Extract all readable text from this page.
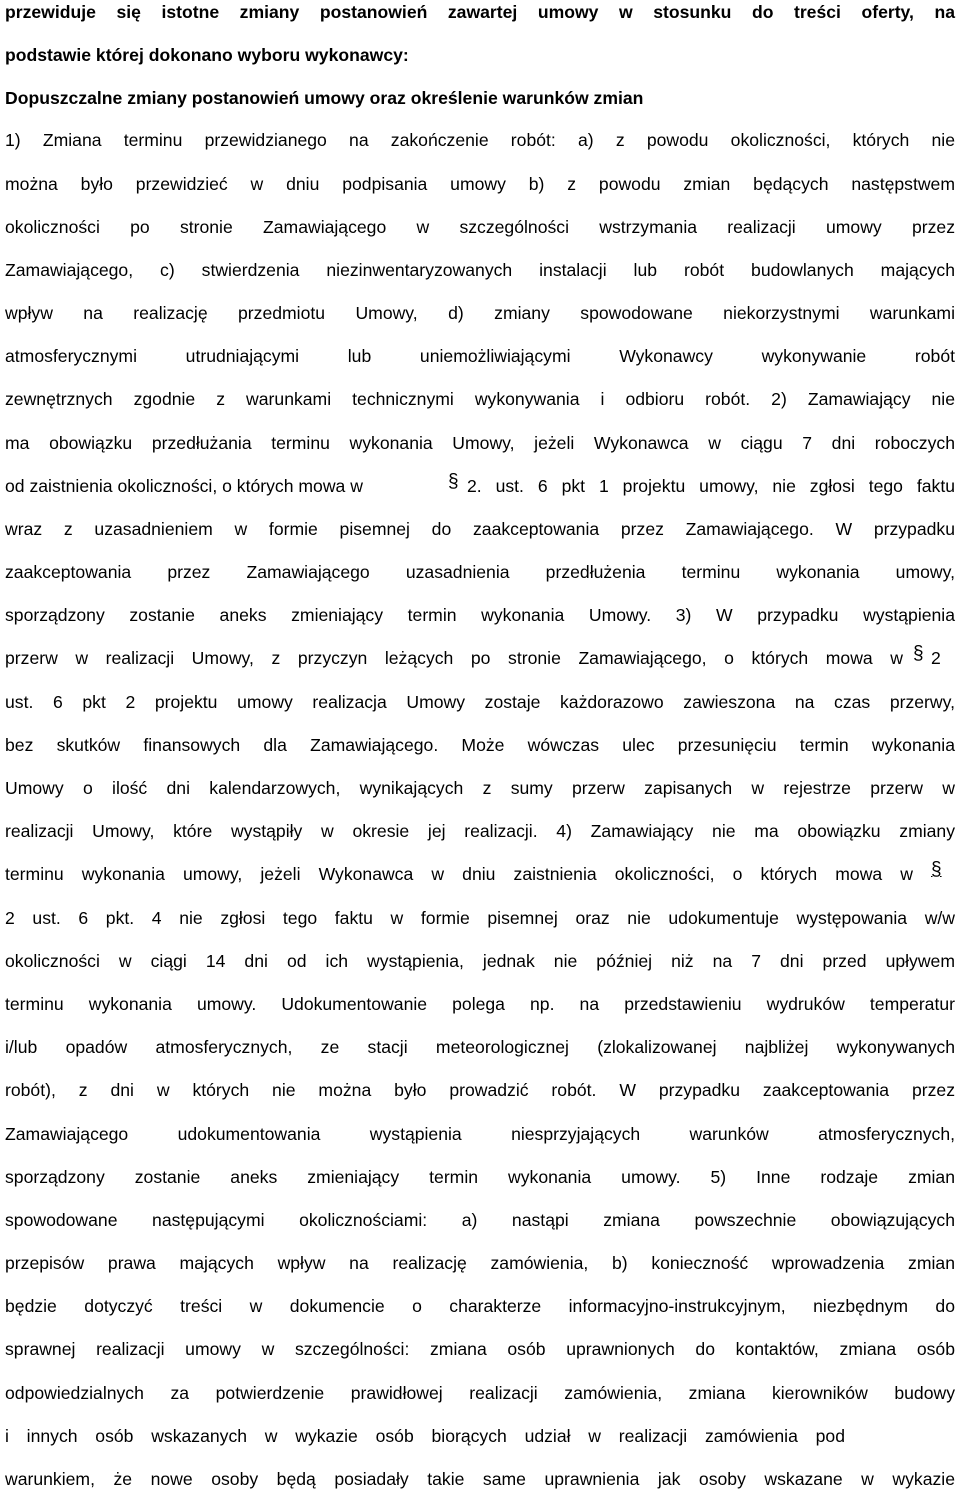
przewiduje się istotne zmiany postanowień zawartej umowy w stosunku do treści oferty, na
podstawie której dokonano wyboru wykonawcy:
Dopuszczalne zmiany postanowień umowy oraz określenie warunków zmian
1) Zmiana terminu przewidzianego na zakończenie robót: a) z powodu okoliczności, których nie
można było przewidzieć w dniu podpisania umowy b) z powodu zmian będących następstwem
okoliczności po stronie Zamawiającego w szczególności wstrzymania realizacji umowy przez
Zamawiającego, c) stwierdzenia niezinwentaryzowanych instalacji lub robót budowlanych mających
wpływ na realizację przedmiotu Umowy, d) zmiany spowodowane niekorzystnymi warunkami
atmosferycznymi utrudniającymi lub uniemożliwiającymi Wykonawcy wykonywanie robót
zewnętrznych zgodnie z warunkami technicznymi wykonywania i odbioru robót. 2) Zamawiający nie
ma obowiązku przedłużania terminu wykonania Umowy, jeżeli Wykonawca w ciągu 7 dni roboczych
od zaistnienia okoliczności, o których mowa w	§ 2. ust. 6 pkt 1 projektu umowy, nie zgłosi tego faktu
wraz z uzasadnieniem w formie pisemnej do zaakceptowania przez Zamawiającego. W przypadku
zaakceptowania przez Zamawiającego uzasadnienia przedłużenia terminu wykonania umowy,
sporządzony zostanie aneks zmieniający termin wykonania Umowy. 3) W przypadku wystąpienia
przerw w realizacji Umowy, z przyczyn leżących po stronie Zamawiającego, o których mowa w § 2
ust. 6 pkt 2 projektu umowy realizacja Umowy zostaje każdorazowo zawieszona na czas przerwy,
bez skutków finansowych dla Zamawiającego. Może wówczas ulec przesunięciu termin wykonania
Umowy o ilość dni kalendarzowych, wynikających z sumy przerw zapisanych w rejestrze przerw w
realizacji Umowy, które wystąpiły w okresie jej realizacji. 4) Zamawiający nie ma obowiązku zmiany
terminu wykonania umowy, jeżeli Wykonawca w dniu zaistnienia okoliczności, o których mowa w §
2 ust. 6 pkt. 4 nie zgłosi tego faktu w formie pisemnej oraz nie udokumentuje występowania w/w
okoliczności w ciągi 14 dni od ich wystąpienia, jednak nie później niż na 7 dni przed upływem
terminu wykonania umowy. Udokumentowanie polega np. na przedstawieniu wydruków temperatur
i/lub opadów atmosferycznych, ze stacji meteorologicznej (zlokalizowanej najbliżej wykonywanych
robót), z dni w których nie można było prowadzić robót. W przypadku zaakceptowania przez
Zamawiającego udokumentowania wystąpienia niesprzyjających warunków atmosferycznych,
sporządzony zostanie aneks zmieniający termin wykonania umowy. 5) Inne rodzaje zmian
spowodowane następującymi okolicznościami: a) nastąpi zmiana powszechnie obowiązujących
przepisów prawa mających wpływ na realizację zamówienia, b) konieczność wprowadzenia zmian
będzie dotyczyć treści w dokumencie o charakterze informacyjno-instrukcyjnym, niezbędnym do
sprawnej realizacji umowy w szczególności: zmiana osób uprawnionych do kontaktów, zmiana osób
odpowiedzialnych za potwierdzenie prawidłowej realizacji zamówienia, zmiana kierowników budowy
i innych osób wskazanych w wykazie osób biorących udział w realizacji zamówienia pod
warunkiem, że nowe osoby będą posiadały takie same uprawnienia jak osoby wskazane w wykazie
